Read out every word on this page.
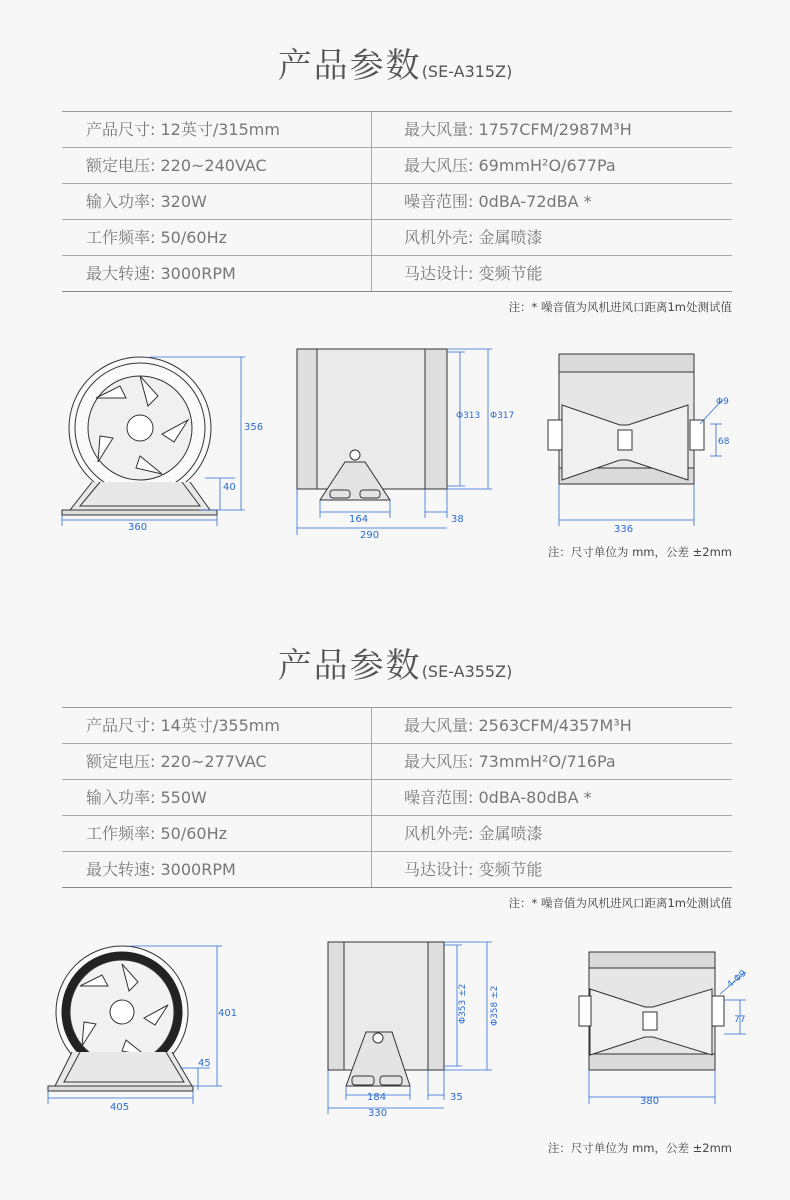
产品参数(SE-A315Z)
产品尺寸: 12英寸/315mm	最大风量: 1757CFM/2987M³H
额定电压: 220~240VAC	最大风压: 69mmH²O/677Pa
输入功率: 320W	噪音范围: 0dBA-72dBA *
工作频率: 50/60Hz	风机外壳: 金属喷漆
最大转速: 3000RPM	马达设计: 变频节能
注：* 噪音值为风机进风口距离1m处测试值
356
40
360
Φ313 Φ317
164	38
290
Φ9
68
336
注：尺寸单位为 mm，公差 ±2mm
产品参数(SE-A355Z)
产品尺寸: 14英寸/355mm	最大风量: 2563CFM/4357M³H
额定电压: 220~277VAC	最大风压: 73mmH²O/716Pa
输入功率: 550W	噪音范围: 0dBA-80dBA *
工作频率: 50/60Hz	风机外壳: 金属喷漆
最大转速: 3000RPM	马达设计: 变频节能
注：* 噪音值为风机进风口距离1m处测试值
401
45
405
Φ353 ±2 Φ358 ±2
184	35
330
4-Φ9
77
380
注：尺寸单位为 mm，公差 ±2mm
